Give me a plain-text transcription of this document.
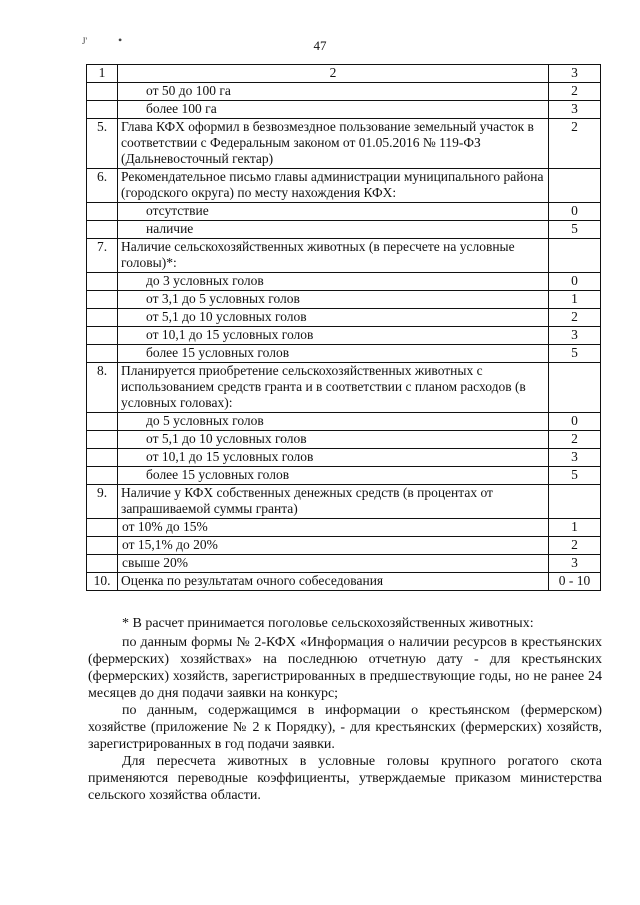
J'	•	47
1	2	3
	от 50 до 100 га	2
	более 100 га	3
5.	Глава КФХ оформил в безвозмездное пользование земельный участок в соответствии с Федеральным законом от 01.05.2016 № 119-ФЗ (Дальневосточный гектар)	2
6.	Рекомендательное письмо главы администрации муниципального района (городского округа) по месту нахождения КФХ:	
	отсутствие	0
	наличие	5
7.	Наличие сельскохозяйственных животных (в пересчете на условные головы)*:	
	до 3 условных голов	0
	от 3,1 до 5 условных голов	1
	от 5,1 до 10 условных голов	2
	от 10,1 до 15 условных голов	3
	более 15 условных голов	5
8.	Планируется приобретение сельскохозяйственных животных с использованием средств гранта и в соответствии с планом расходов (в условных головах):	
	до 5 условных голов	0
	от 5,1 до 10 условных голов	2
	от 10,1 до 15 условных голов	3
	более 15 условных голов	5
9.	Наличие у КФХ собственных денежных средств (в процентах от запрашиваемой суммы гранта)	
	от 10% до 15%	1
	от 15,1% до 20%	2
	свыше 20%	3
10.	Оценка по результатам очного собеседования	0 - 10

* В расчет принимается поголовье сельскохозяйственных животных:

по данным формы № 2-КФХ «Информация о наличии ресурсов в крестьянских (фермерских) хозяйствах» на последнюю отчетную дату - для крестьянских (фермерских) хозяйств, зарегистрированных в предшествующие годы, но не ранее 24 месяцев до дня подачи заявки на конкурс;

по данным, содержащимся в информации о крестьянском (фермерском) хозяйстве (приложение № 2 к Порядку), - для крестьянских (фермерских) хозяйств, зарегистрированных в год подачи заявки.

Для пересчета животных в условные головы крупного рогатого скота применяются переводные коэффициенты, утверждаемые приказом министерства сельского хозяйства области.
